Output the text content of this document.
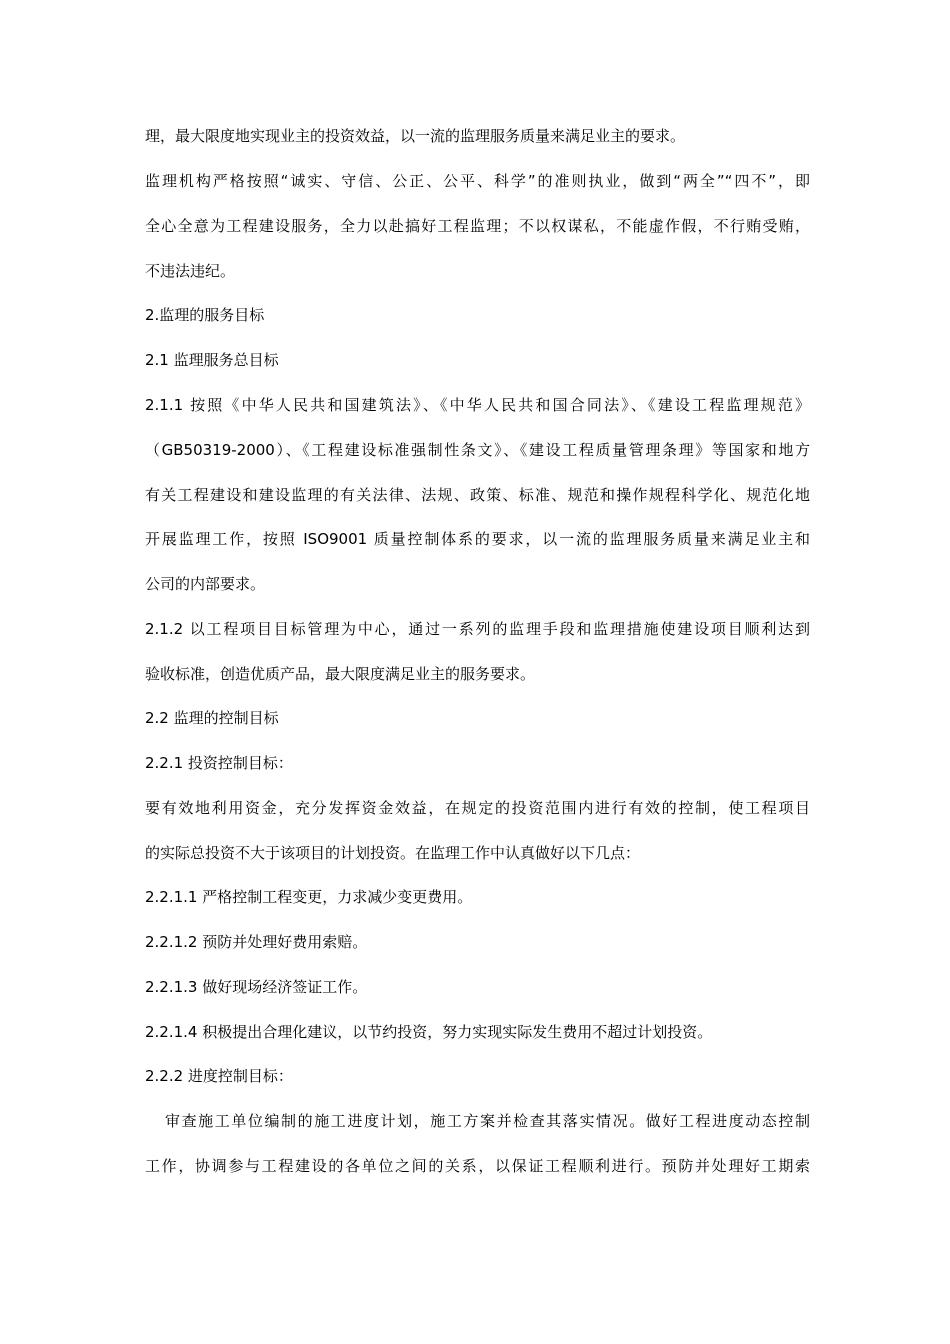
理，最大限度地实现业主的投资效益，以一流的监理服务质量来满足业主的要求。
监理机构严格按照“诚实、守信、公正、公平、科学”的准则执业，做到“两全”“四不”，即
全心全意为工程建设服务，全力以赴搞好工程监理；不以权谋私，不能虚作假，不行贿受贿，
不违法违纪。
2.监理的服务目标
2.1 监理服务总目标
2.1.1 按照《中华人民共和国建筑法》、《中华人民共和国合同法》、《建设工程监理规范》
（GB50319-2000）、《工程建设标准强制性条文》、《建设工程质量管理条理》等国家和地方
有关工程建设和建设监理的有关法律、法规、政策、标准、规范和操作规程科学化、规范化地
开展监理工作，按照 ISO9001 质量控制体系的要求，以一流的监理服务质量来满足业主和
公司的内部要求。
2.1.2 以工程项目目标管理为中心，通过一系列的监理手段和监理措施使建设项目顺利达到
验收标准，创造优质产品，最大限度满足业主的服务要求。
2.2 监理的控制目标
2.2.1 投资控制目标：
要有效地利用资金，充分发挥资金效益，在规定的投资范围内进行有效的控制，使工程项目
的实际总投资不大于该项目的计划投资。在监理工作中认真做好以下几点：
2.2.1.1 严格控制工程变更，力求减少变更费用。
2.2.1.2 预防并处理好费用索赔。
2.2.1.3 做好现场经济签证工作。
2.2.1.4 积极提出合理化建议，以节约投资，努力实现实际发生费用不超过计划投资。
2.2.2 进度控制目标：
审查施工单位编制的施工进度计划，施工方案并检查其落实情况。做好工程进度动态控制
工作，协调参与工程建设的各单位之间的关系，以保证工程顺利进行。预防并处理好工期索
